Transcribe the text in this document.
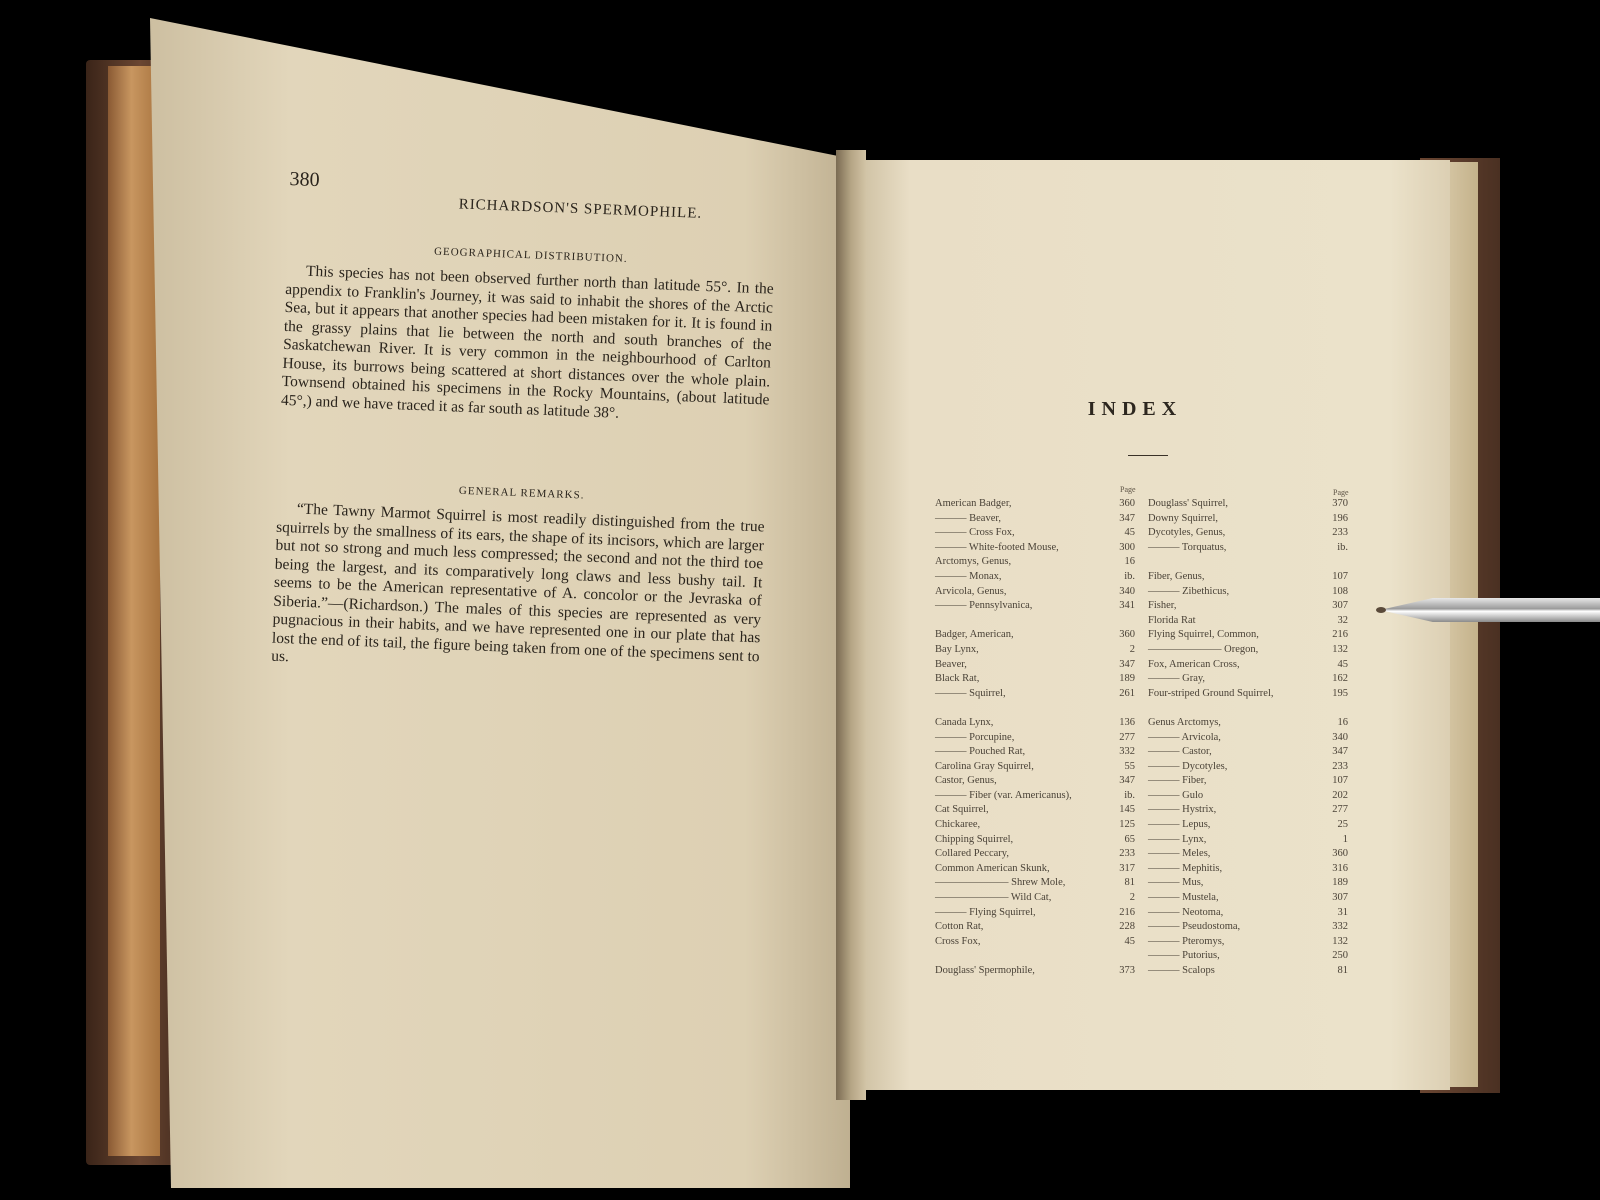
380
RICHARDSON'S SPERMOPHILE.
GEOGRAPHICAL DISTRIBUTION.
This species has not been observed further north than latitude 55°. In the appendix to Franklin's Journey, it was said to inhabit the shores of the Arctic Sea, but it appears that another species had been mistaken for it. It is found in the grassy plains that lie between the north and south branches of the Saskatchewan River. It is very common in the neighbourhood of Carlton House, its burrows being scattered at short distances over the whole plain. Townsend obtained his specimens in the Rocky Mountains, (about latitude 45°,) and we have traced it as far south as latitude 38°.
GENERAL REMARKS.
“The Tawny Marmot Squirrel is most readily distinguished from the true squirrels by the smallness of its ears, the shape of its incisors, which are larger but not so strong and much less compressed; the second and not the third toe being the largest, and its comparatively long claws and less bushy tail. It seems to be the American representative of A. concolor or the Jevraska of Siberia.”—(Richardson.) The males of this species are represented as very pugnacious in their habits, and we have represented one in our plate that has lost the end of its tail, the figure being taken from one of the specimens sent to us.
INDEX
Page	Page
American Badger,	360
——— Beaver,	347
——— Cross Fox,	45
——— White-footed Mouse,	300
Arctomys, Genus,	16
——— Monax,	ib.
Arvicola, Genus,	340
——— Pennsylvanica,	341
Badger, American,	360
Bay Lynx,	2
Beaver,	347
Black Rat,	189
——— Squirrel,	261
Canada Lynx,	136
——— Porcupine,	277
——— Pouched Rat,	332
Carolina Gray Squirrel,	55
Castor, Genus,	347
——— Fiber (var. Americanus),	ib.
Cat Squirrel,	145
Chickaree,	125
Chipping Squirrel,	65
Collared Peccary,	233
Common American Skunk,	317
——————— Shrew Mole,	81
——————— Wild Cat,	2
——— Flying Squirrel,	216
Cotton Rat,	228
Cross Fox,	45
Douglass' Spermophile,	373
Douglass' Squirrel,	370
Downy Squirrel,	196
Dycotyles, Genus,	233
——— Torquatus,	ib.
Fiber, Genus,	107
——— Zibethicus,	108
Fisher,	307
Florida Rat	32
Flying Squirrel, Common,	216
——————— Oregon,	132
Fox, American Cross,	45
——— Gray,	162
Four-striped Ground Squirrel,	195
Genus Arctomys,	16
——— Arvicola,	340
——— Castor,	347
——— Dycotyles,	233
——— Fiber,	107
——— Gulo	202
——— Hystrix,	277
——— Lepus,	25
——— Lynx,	1
——— Meles,	360
——— Mephitis,	316
——— Mus,	189
——— Mustela,	307
——— Neotoma,	31
——— Pseudostoma,	332
——— Pteromys,	132
——— Putorius,	250
——— Scalops	81
